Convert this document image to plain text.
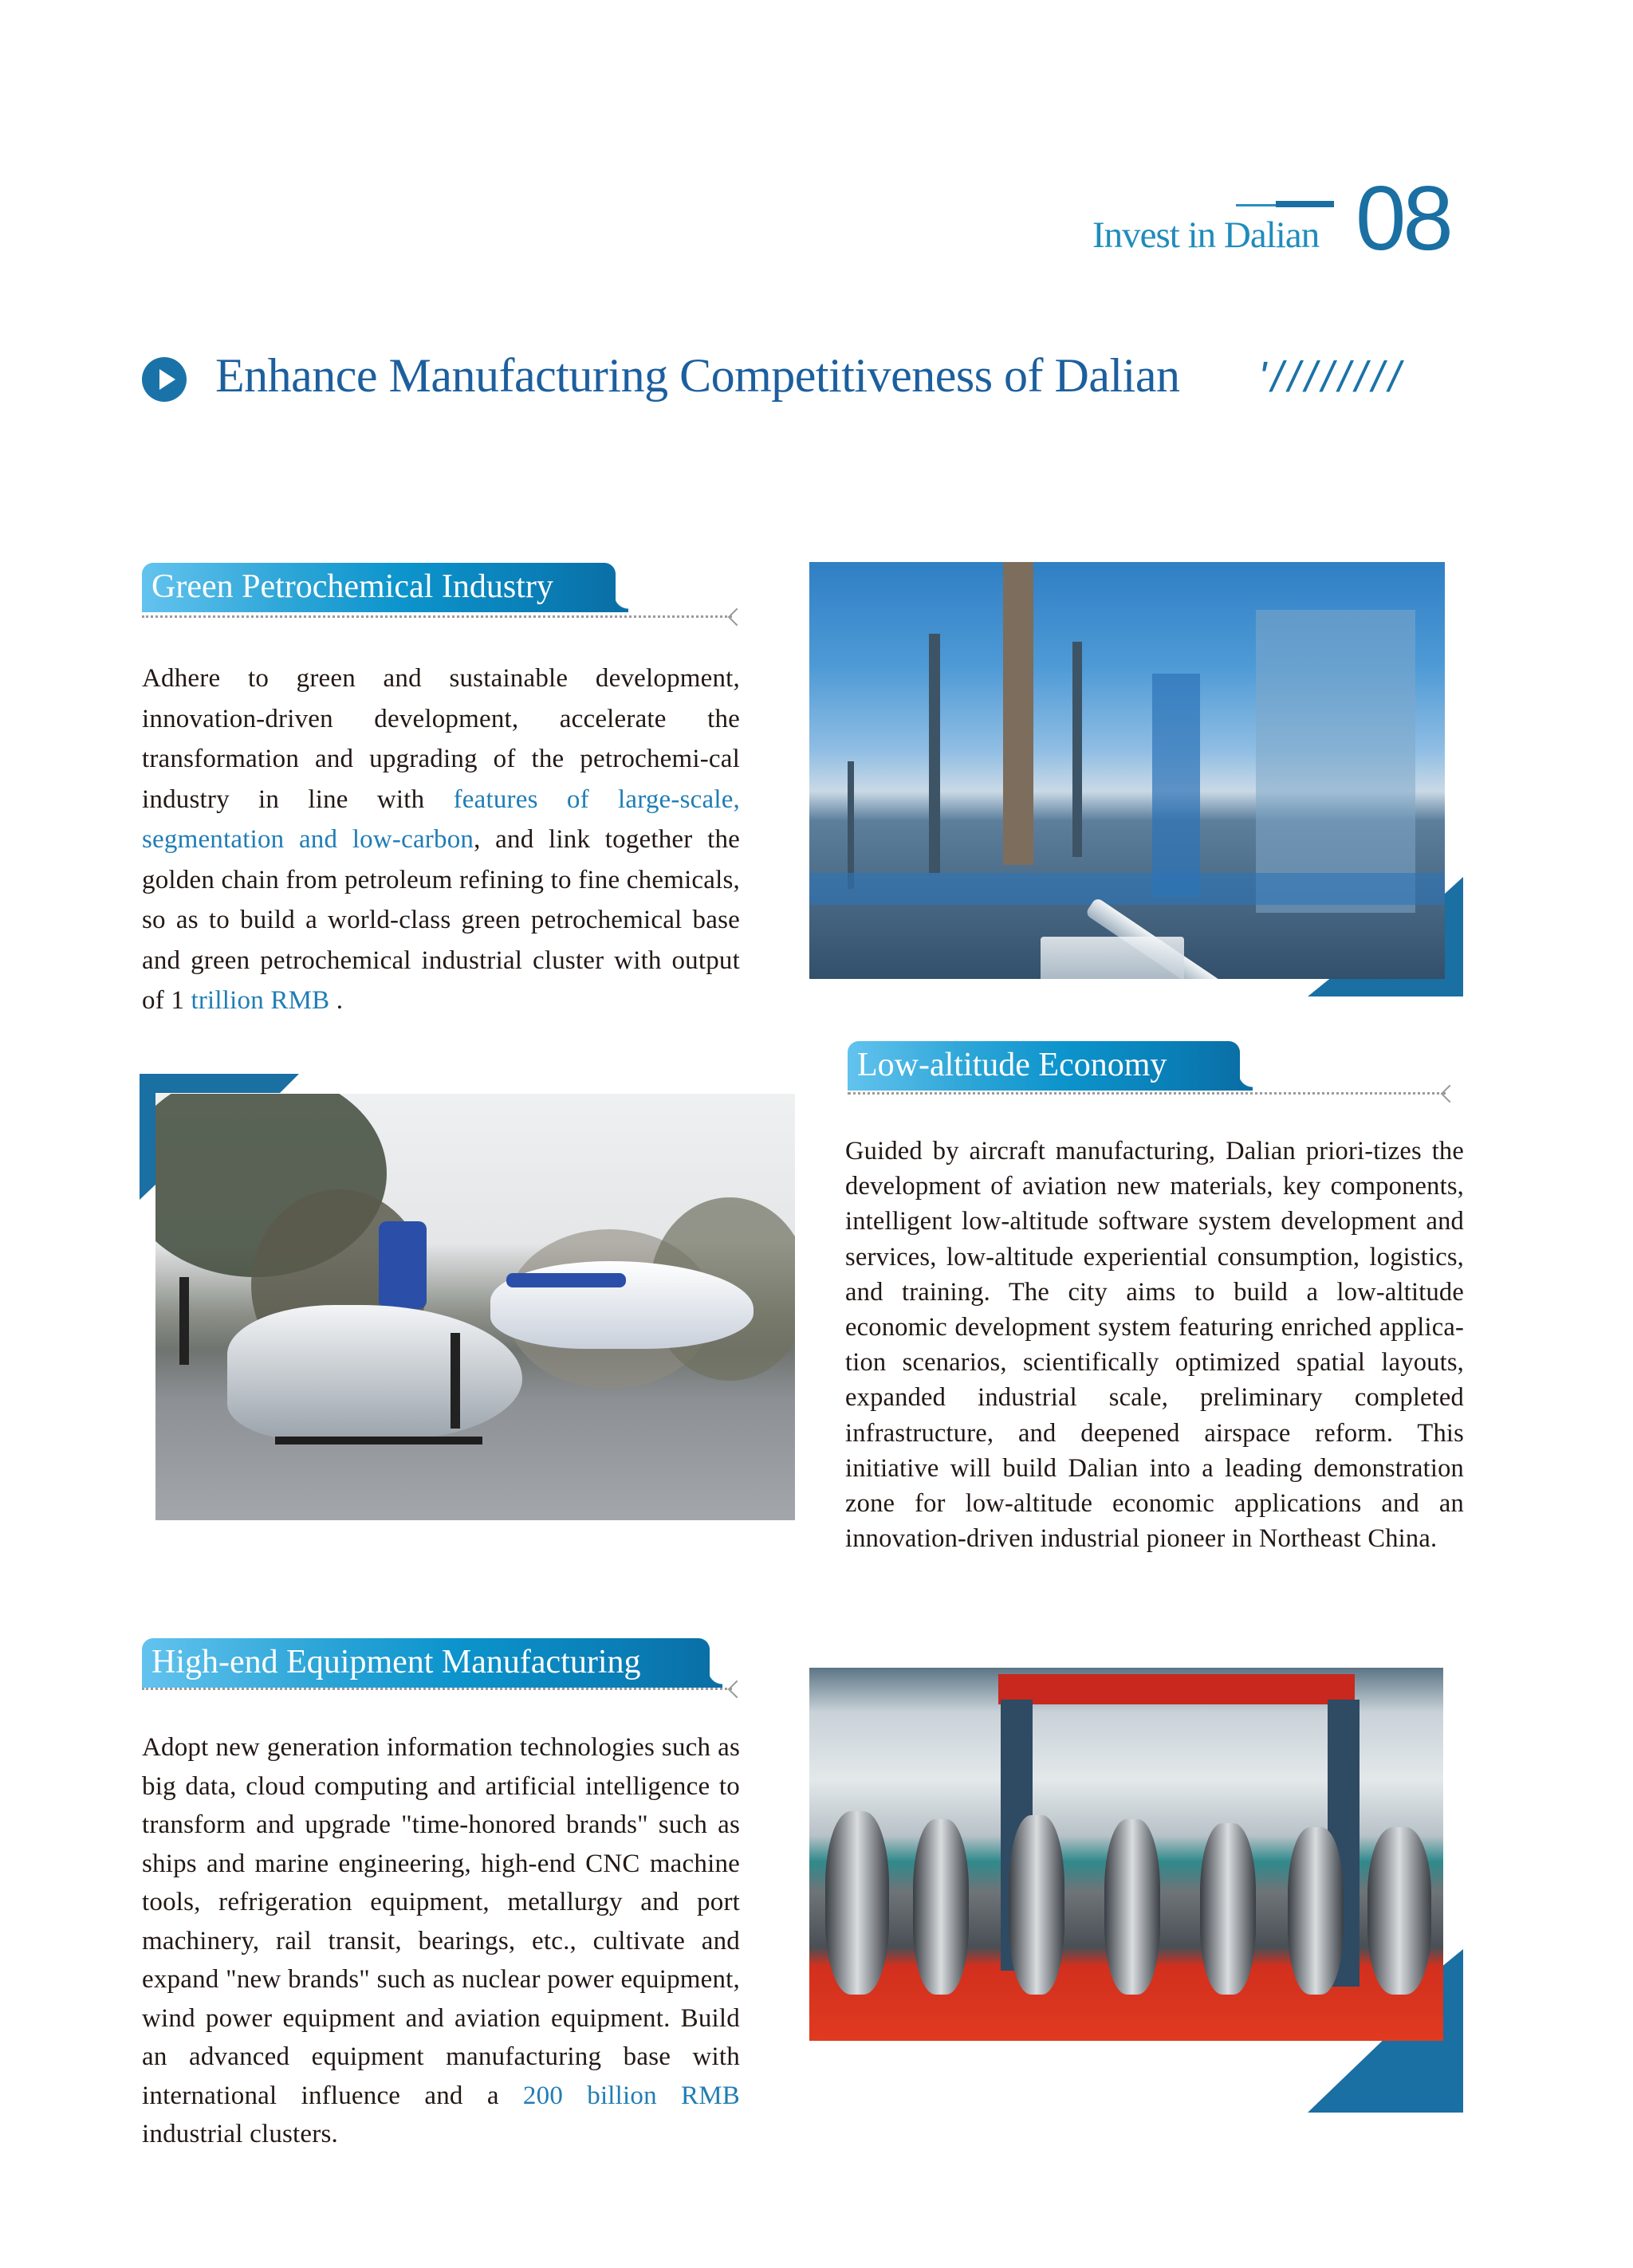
Invest in Dalian 08
Enhance Manufacturing Competitiveness of Dalian '////////
Green Petrochemical Industry

Adhere to green and sustainable development, innovation-driven development, accelerate the transformation and upgrading of the petrochemi-cal industry in line with features of large-scale, segmentation and low-carbon, and link together the golden chain from petroleum refining to fine chemicals, so as to build a world-class green petrochemical base and green petrochemical industrial cluster with output of 1 trillion RMB .

Low-altitude Economy

Guided by aircraft manufacturing, Dalian priori-tizes the development of aviation new materials, key components, intelligent low-altitude software system development and services, low-altitude experiential consumption, logistics, and training. The city aims to build a low-altitude economic development system featuring enriched applica-tion scenarios, scientifically optimized spatial layouts, expanded industrial scale, preliminary completed infrastructure, and deepened airspace reform. This initiative will build Dalian into a leading demonstration zone for low-altitude economic applications and an innovation-driven industrial pioneer in Northeast China.

High-end Equipment Manufacturing

Adopt new generation information technologies such as big data, cloud computing and artificial intelligence to transform and upgrade "time-honored brands" such as ships and marine engineering, high-end CNC machine tools, refrigeration equipment, metallurgy and port machinery, rail transit, bearings, etc., cultivate and expand "new brands" such as nuclear power equipment, wind power equipment and aviation equipment. Build an advanced equipment manufacturing base with international influence and a 200 billion RMB industrial clusters.
